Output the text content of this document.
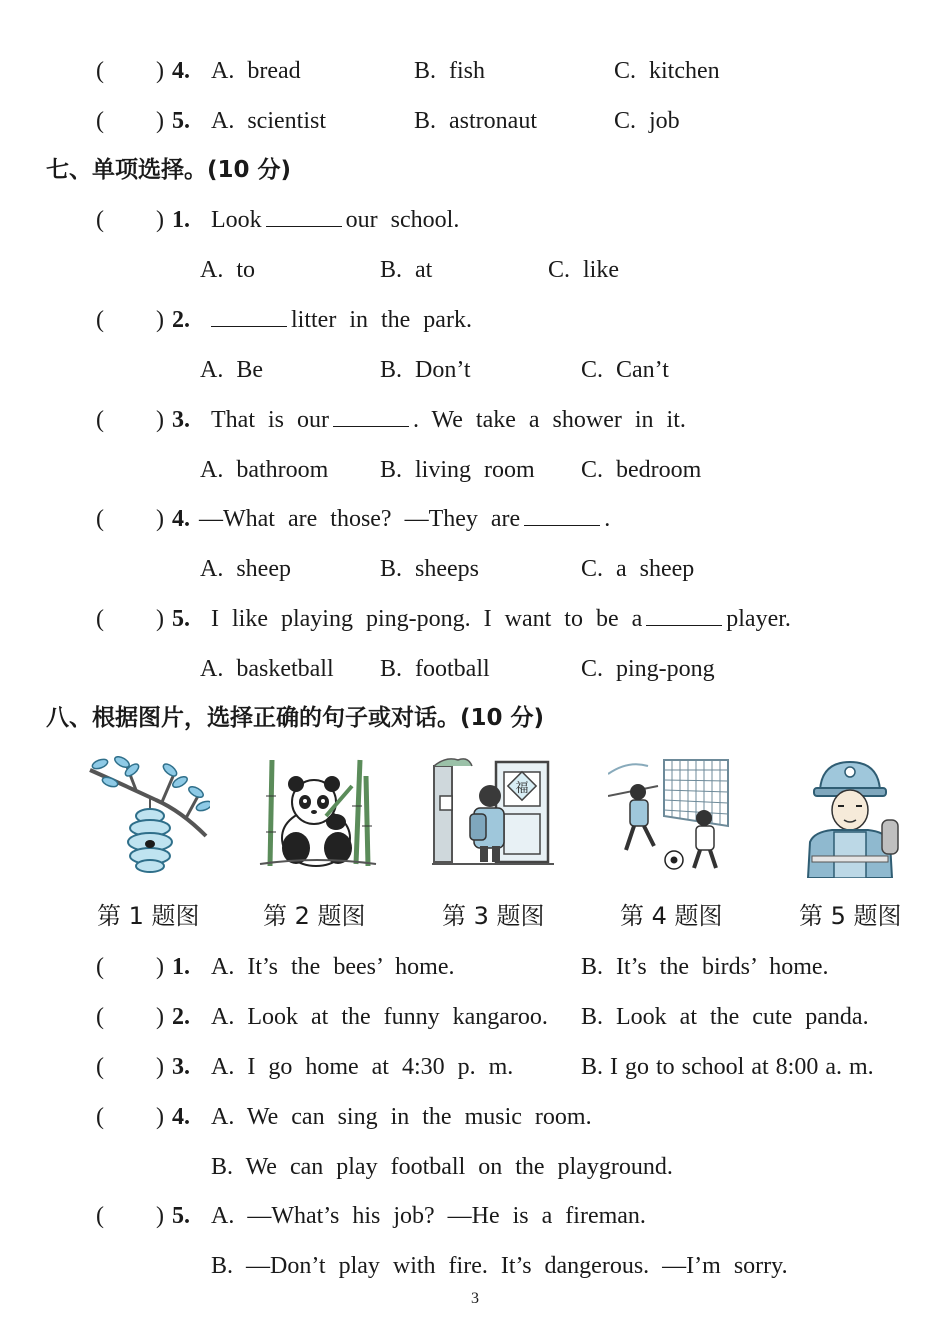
( ) 4. A. bread	B. fish	C. kitchen
( ) 5. A. scientist	B. astronaut	C. job
七、单项选择。(10 分)
( ) 1. Look	our school.
A. to	B. at	C. like
( ) 2.	litter in the park.
A. Be	B. Don’t	C. Can’t
( ) 3. That is our	. We take a shower in it.
A. bathroom B. living room C. bedroom
( ) 4. —What are those? —They are	.
A. sheep	B. sheeps	C. a sheep
( ) 5. I like playing ping-pong. I want to be a	player.
A. basketball B. football	C. ping-pong
八、根据图片，选择正确的句子或对话。(10 分)
福
第 1 题图	第 2 题图	第 3 题图	第 4 题图	第 5 题图
( ) 1. A. It’s the bees’ home.	B. It’s the birds’ home.
( ) 2. A. Look at the funny kangaroo. B. Look at the cute panda.
( ) 3. A. I go home at 4:30 p. m.	B. I go to school at 8:00 a. m.
( ) 4. A. We can sing in the music room.
B. We can play football on the playground.
( ) 5. A. —What’s his job? —He is a fireman.
B. —Don’t play with fire. It’s dangerous. —I’m sorry.
3
